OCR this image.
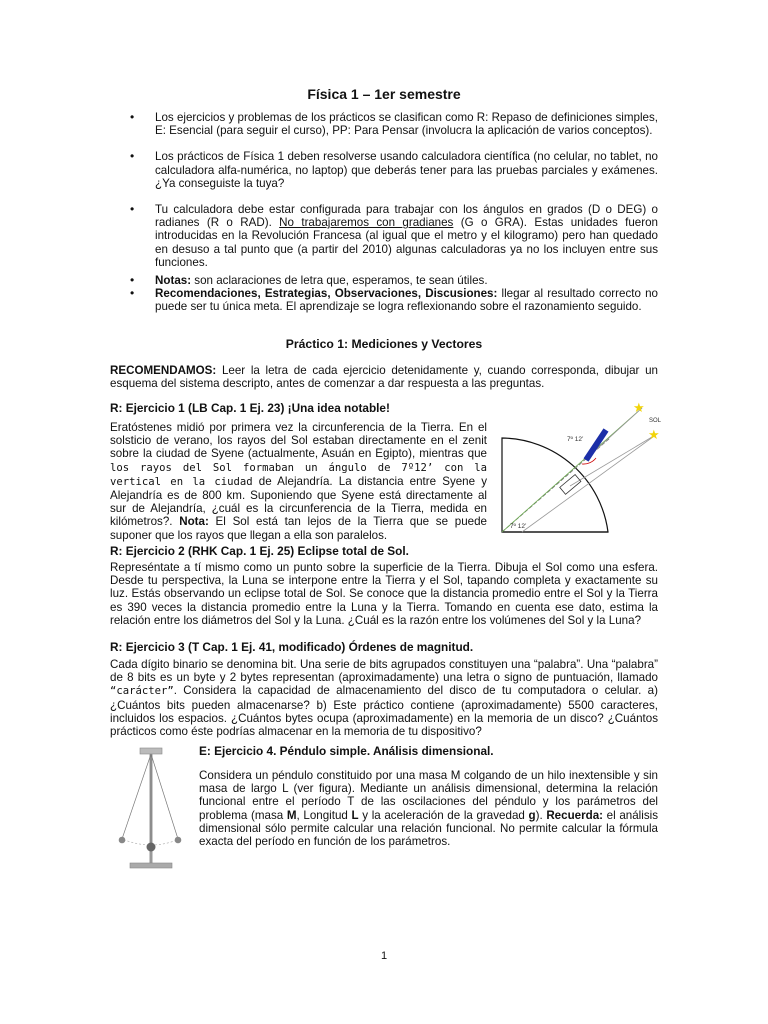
Física 1 – 1er semestre
• Los ejercicios y problemas de los prácticos se clasifican como R: Repaso de definiciones simples, E: Esencial (para seguir el curso), PP: Para Pensar (involucra la aplicación de varios conceptos).
• Los prácticos de Física 1 deben resolverse usando calculadora científica (no celular, no tablet, no calculadora alfa-numérica, no laptop) que deberás tener para las pruebas parciales y exámenes. ¿Ya conseguiste la tuya?
• Tu calculadora debe estar configurada para trabajar con los ángulos en grados (D o DEG) o radianes (R o RAD). No trabajaremos con gradianes (G o GRA). Estas unidades fueron introducidas en la Revolución Francesa (al igual que el metro y el kilogramo) pero han quedado en desuso a tal punto que (a partir del 2010) algunas calculadoras ya no los incluyen entre sus funciones.
• Notas: son aclaraciones de letra que, esperamos, te sean útiles.
• Recomendaciones, Estrategias, Observaciones, Discusiones: llegar al resultado correcto no puede ser tu única meta. El aprendizaje se logra reflexionando sobre el razonamiento seguido.
Práctico 1: Mediciones y Vectores

RECOMENDAMOS: Leer la letra de cada ejercicio detenidamente y, cuando corresponda, dibujar un esquema del sistema descripto, antes de comenzar a dar respuesta a las preguntas.

R: Ejercicio 1 (LB Cap. 1 Ej. 23) ¡Una idea notable!

Eratóstenes midió por primera vez la circunferencia de la Tierra. En el solsticio de verano, los rayos del Sol estaban directamente en el zenit sobre la ciudad de Syene (actualmente, Asuán en Egipto), mientras que los rayos del Sol formaban un ángulo de 7º12’ con la vertical en la ciudad de Alejandría. La distancia entre Syene y Alejandría es de 800 km. Suponiendo que Syene está directamente al sur de Alejandría, ¿cuál es la circunferencia de la Tierra, medida en kilómetros?. Nota: El Sol está tan lejos de la Tierra que se puede suponer que los rayos que llegan a ella son paralelos.

7º 12’
7º 12’
SOL
★
★

R: Ejercicio 2 (RHK Cap. 1 Ej. 25) Eclipse total de Sol.

Represéntate a tí mismo como un punto sobre la superficie de la Tierra. Dibuja el Sol como una esfera. Desde tu perspectiva, la Luna se interpone entre la Tierra y el Sol, tapando completa y exactamente su luz. Estás observando un eclipse total de Sol. Se conoce que la distancia promedio entre el Sol y la Tierra es 390 veces la distancia promedio entre la Luna y la Tierra. Tomando en cuenta ese dato, estima la relación entre los diámetros del Sol y la Luna. ¿Cuál es la razón entre los volúmenes del Sol y la Luna?

R: Ejercicio 3 (T Cap. 1 Ej. 41, modificado) Órdenes de magnitud.

Cada dígito binario se denomina bit. Una serie de bits agrupados constituyen una “palabra”. Una “palabra” de 8 bits es un byte y 2 bytes representan (aproximadamente) una letra o signo de puntuación, llamado “carácter”. Considera la capacidad de almacenamiento del disco de tu computadora o celular. a) ¿Cuántos bits pueden almacenarse? b) Este práctico contiene (aproximadamente) 5500 caracteres, incluidos los espacios. ¿Cuántos bytes ocupa (aproximadamente) en la memoria de un disco? ¿Cuántos prácticos como éste podrías almacenar en la memoria de tu dispositivo?

E: Ejercicio 4. Péndulo simple. Análisis dimensional.

Considera un péndulo constituido por una masa M colgando de un hilo inextensible y sin masa de largo L (ver figura). Mediante un análisis dimensional, determina la relación funcional entre el período T de las oscilaciones del péndulo y los parámetros del problema (masa M, Longitud L y la aceleración de la gravedad g). Recuerda: el análisis dimensional sólo permite calcular una relación funcional. No permite calcular la fórmula exacta del período en función de los parámetros.

1
